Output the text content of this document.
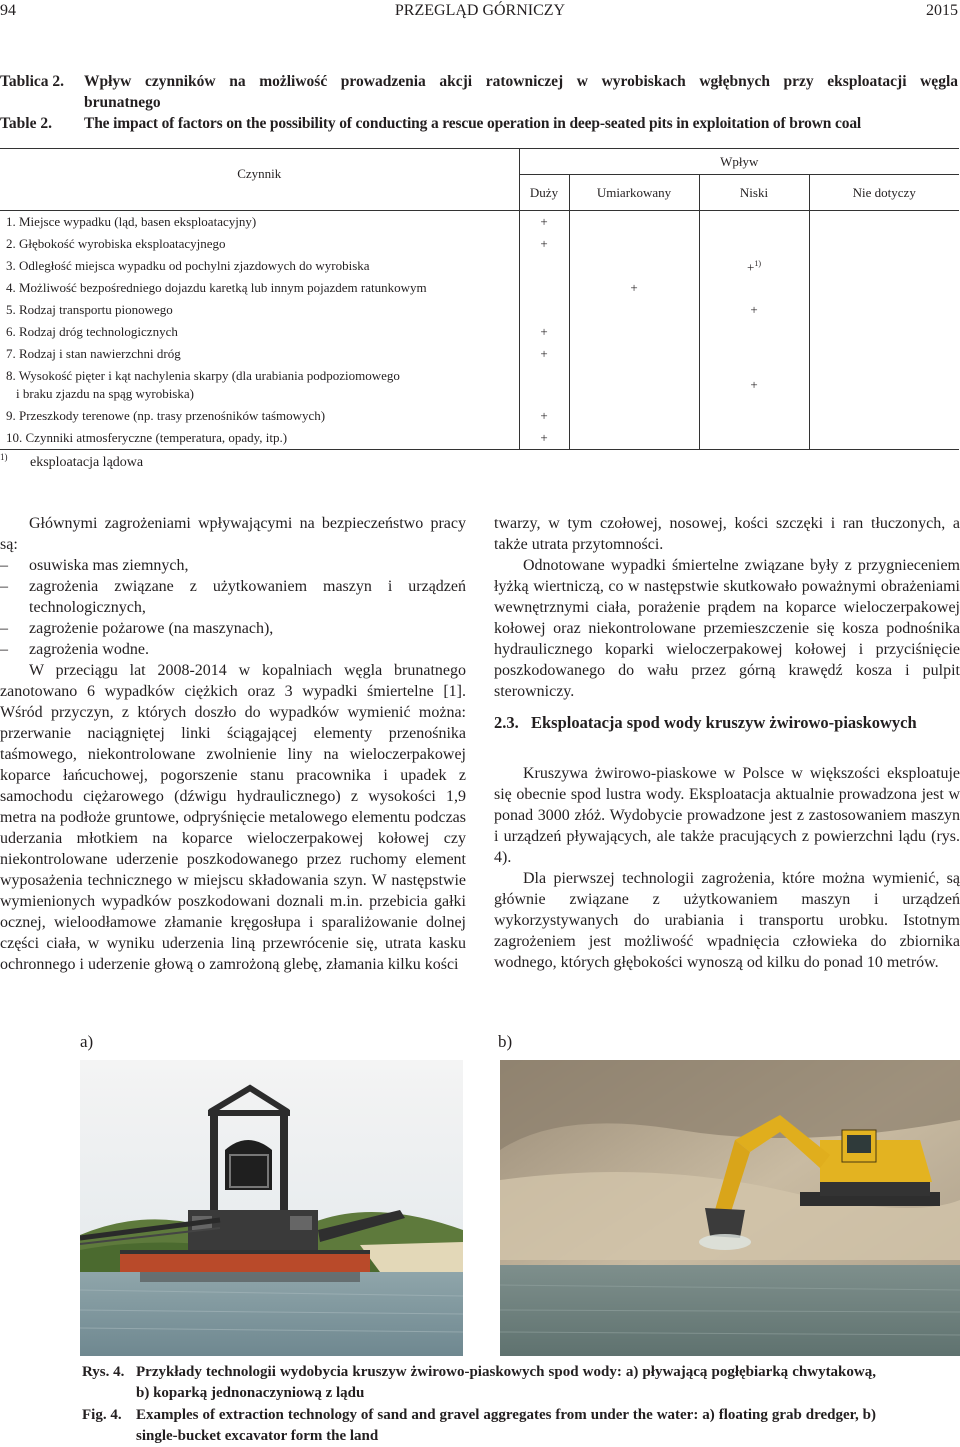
94	PRZEGLĄD GÓRNICZY	2015
Tablica 2. Wpływ czynników na możliwość prowadzenia akcji ratowniczej w wyrobiskach wgłębnych przy eksploatacji węgla
brunatnego
Table 2. The impact of factors on the possibility of conducting a rescue operation in deep-seated pits in exploitation of brown coal
Czynnik	Wpływ			
	Duży	Umiarkowany	Niski	Nie dotyczy
1. Miejsce wypadku (ląd, basen eksploatacyjny)	+			
2. Głębokość wyrobiska eksploatacyjnego	+			
3. Odległość miejsca wypadku od pochylni zjazdowych do wyrobiska			+$^{1)}$	
4. Możliwość bezpośredniego dojazdu karetką lub innym pojazdem ratunkowym		+		
5. Rodzaj transportu pionowego			+	
6. Rodzaj dróg technologicznych	+			
7. Rodzaj i stan nawierzchni dróg	+			

8. Wysokość pięter i kąt nachylenia skarpy (dla urabiania podpoziomowego
i braku zjazdu na spąg wyrobiska)			+	
9. Przeszkody terenowe (np. trasy przenośników taśmowych)	+			
10. Czynniki atmosferyczne (temperatura, opady, itp.)	+			
1) eksploatacja lądowa

Głównymi zagrożeniami wpływającymi na bezpieczeństwo pracy są:

– osuwiska mas ziemnych,

– zagrożenia związane z użytkowaniem maszyn i urządzeń technologicznych,

– zagrożenie pożarowe (na maszynach),

– zagrożenia wodne.

W przeciągu lat 2008-2014 w kopalniach węgla brunatnego zanotowano 6 wypadków ciężkich oraz 3 wypadki śmiertelne [1]. Wśród przyczyn, z których doszło do wypadków wymienić można: przerwanie naciągniętej linki ściągającej elementy przenośnika taśmowego, niekontrolowane zwolnienie liny na wieloczerpakowej koparce łańcuchowej, pogorszenie stanu pracownika i upadek z samochodu ciężarowego (dźwigu hydraulicznego) z wysokości 1,9 metra na podłoże gruntowe, odpryśnięcie metalowego elementu podczas uderzania młotkiem na koparce wieloczerpakowej kołowej czy niekontrolowane uderzenie poszkodowanego przez ruchomy element wyposażenia technicznego w miejscu składowania szyn. W następstwie wymienionych wypadków poszkodowani doznali m.in. przebicia gałki ocznej, wieloodłamowe złamanie kręgosłupa i sparaliżowanie dolnej części ciała, w wyniku uderzenia liną przewrócenie się, utrata kasku ochronnego i uderzenie głową o zamrożoną glebę, złamania kilku kości

twarzy, w tym czołowej, nosowej, kości szczęki i ran tłuczonych, a także utrata przytomności.

Odnotowane wypadki śmiertelne związane były z przygnieceniem łyżką wiertniczą, co w następstwie skutkowało poważnymi obrażeniami wewnętrznymi ciała, porażenie prądem na koparce wieloczerpakowej kołowej oraz niekontrolowane przemieszczenie się kosza podnośnika hydraulicznego koparki wieloczerpakowej kołowej i przyciśnięcie poszkodowanego do wału przez górną krawędź kosza i pulpit sterowniczy.

2.3. Eksploatacja spod wody kruszyw żwirowo-piaskowych

Kruszywa żwirowo-piaskowe w Polsce w większości eksploatuje się obecnie spod lustra wody. Eksploatacja aktualnie prowadzona jest w ponad 3000 złóż. Wydobycie prowadzone jest z zastosowaniem maszyn i urządzeń pływających, ale także pracujących z powierzchni lądu (rys. 4).

Dla pierwszej technologii zagrożenia, które można wymienić, są głównie związane z użytkowaniem maszyn i urządzeń wykorzystywanych do urabiania i transportu urobku. Istotnym zagrożeniem jest możliwość wpadnięcia człowieka do zbiornika wodnego, których głębokości wynoszą od kilku do ponad 10 metrów.

a)	b)
Rys. 4. Przykłady technologii wydobycia kruszyw żwirowo-piaskowych spod wody: a) pływającą pogłębiarką chwytakową, b) koparką jednonaczyniową z lądu
Fig. 4. Examples of extraction technology of sand and gravel aggregates from under the water: a) floating grab dredger, b) single-bucket excavator form the land
